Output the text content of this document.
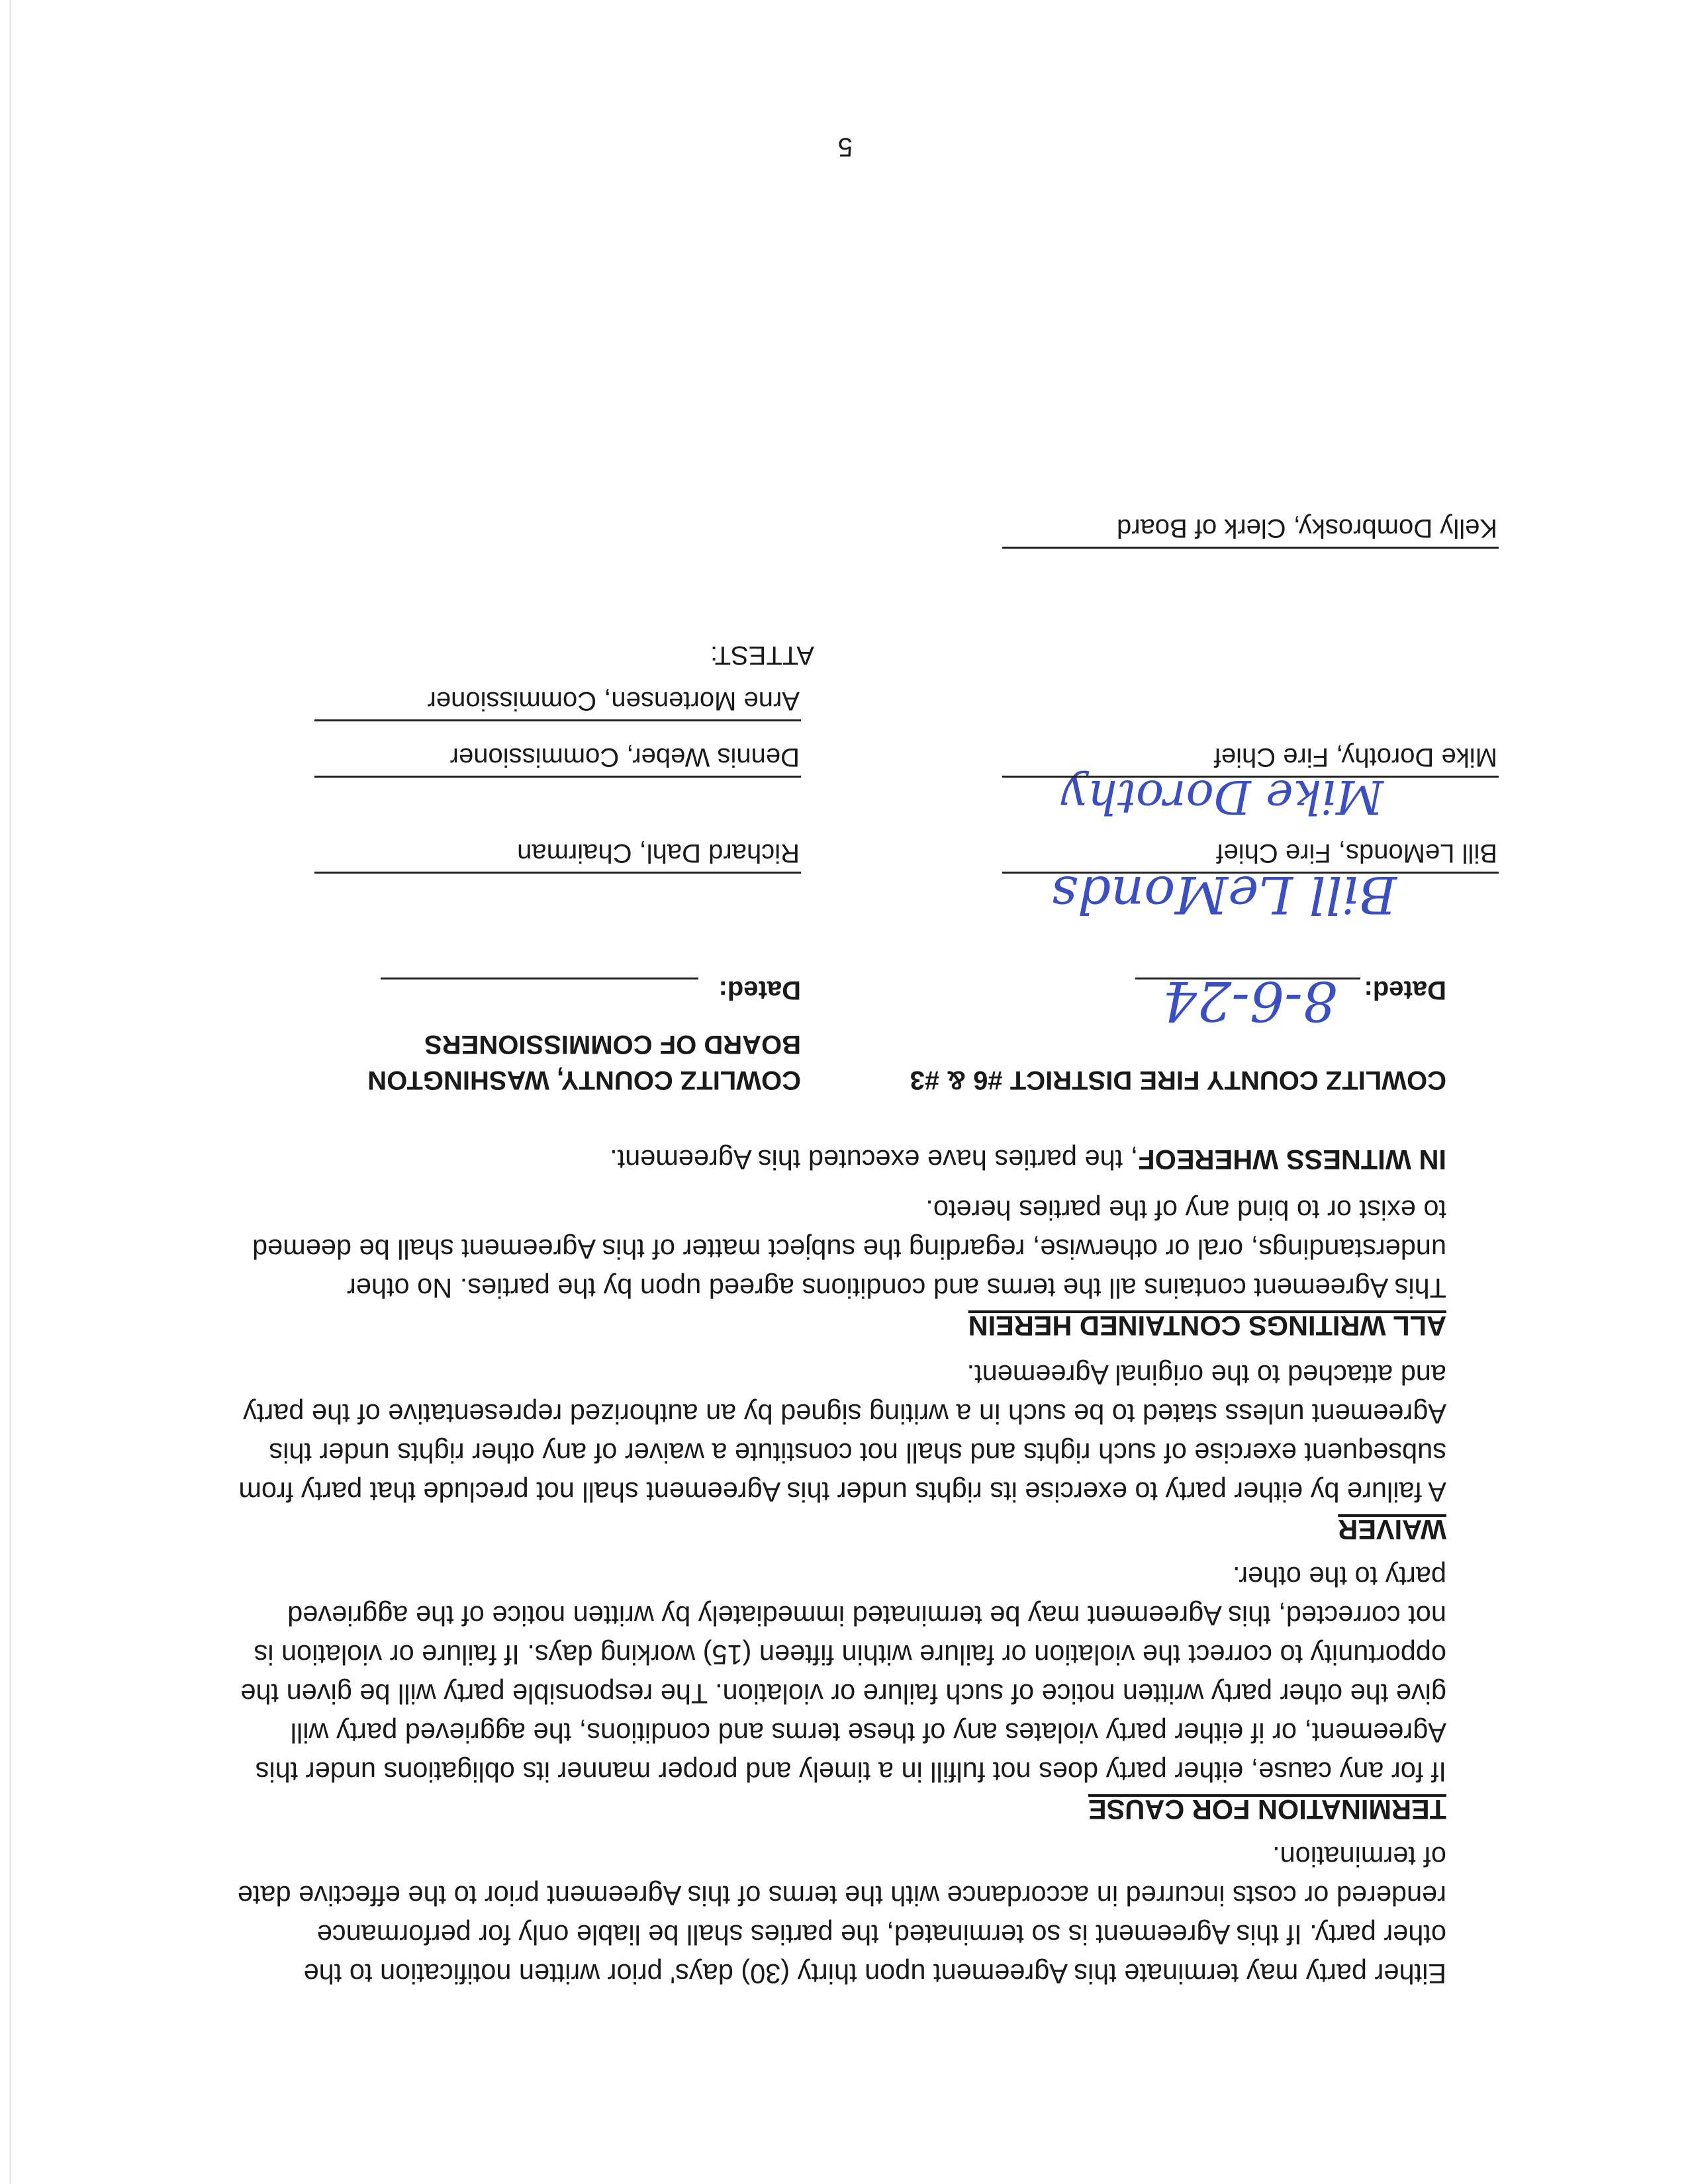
Either party may terminate this Agreement upon thirty (30) days' prior written notification to the other party. If this Agreement is so terminated, the parties shall be liable only for performance rendered or costs incurred in accordance with the terms of this Agreement prior to the effective date of termination.

TERMINATION FOR CAUSE

If for any cause, either party does not fulfill in a timely and proper manner its obligations under this Agreement, or if either party violates any of these terms and conditions, the aggrieved party will give the other party written notice of such failure or violation. The responsible party will be given the opportunity to correct the violation or failure within fifteen (15) working days. If failure or violation is not corrected, this Agreement may be terminated immediately by written notice of the aggrieved party to the other.

WAIVER

A failure by either party to exercise its rights under this Agreement shall not preclude that party from subsequent exercise of such rights and shall not constitute a waiver of any other rights under this Agreement unless stated to be such in a writing signed by an authorized representative of the party and attached to the original Agreement.

ALL WRITINGS CONTAINED HEREIN

This Agreement contains all the terms and conditions agreed upon by the parties. No other understandings, oral or otherwise, regarding the subject matter of this Agreement shall be deemed to exist or to bind any of the parties hereto.

IN WITNESS WHEREOF, the parties have executed this Agreement.

COWLITZ COUNTY FIRE DISTRICT #6 & #3
Dated:
8-6-24
Bill LeMonds
Bill LeMonds, Fire Chief
Mike Dorothy
Mike Dorothy, Fire Chief
COWLITZ COUNTY, WASHINGTON
BOARD OF COMMISSIONERS
Dated:
Richard Dahl, Chairman
Dennis Weber, Commissioner
Arne Mortensen, Commissioner
ATTEST:
Kelly Dombrosky, Clerk of Board
5
